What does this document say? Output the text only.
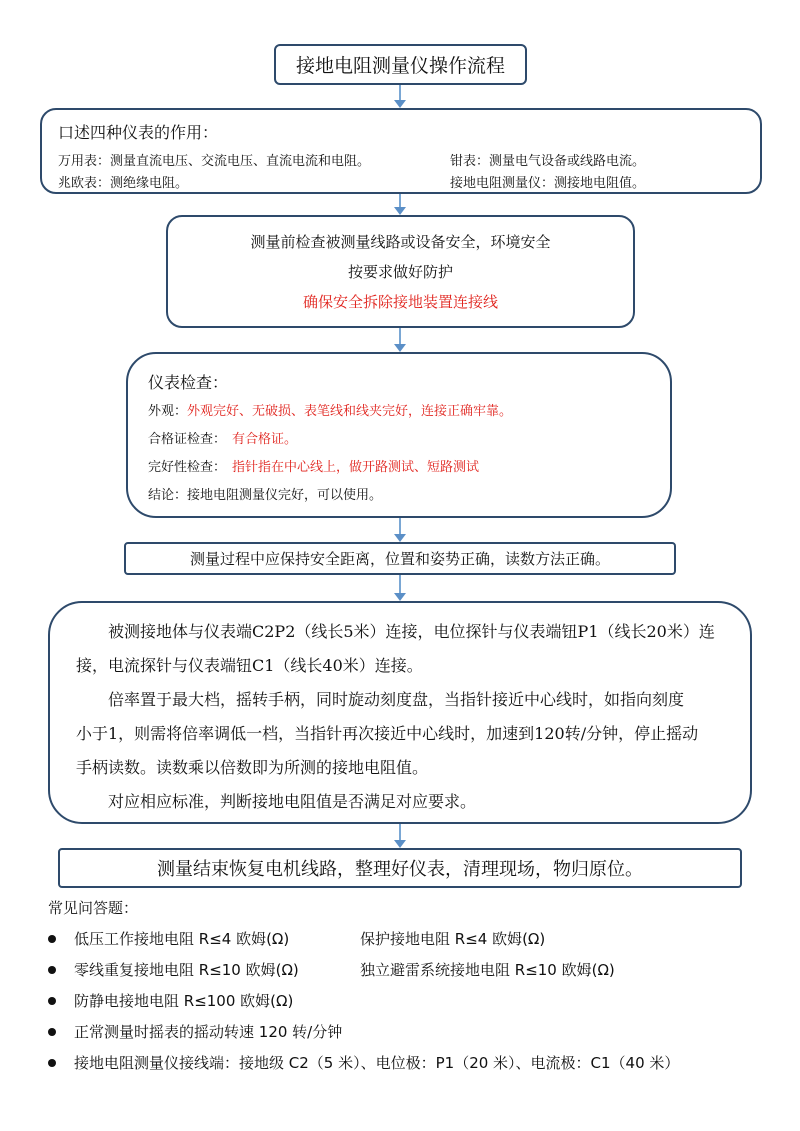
接地电阻测量仪操作流程
口述四种仪表的作用：
万用表：测量直流电压、交流电压、直流电流和电阻。	钳表：测量电气设备或线路电流。
兆欧表：测绝缘电阻。	接地电阻测量仪：测接地电阻值。
测量前检查被测量线路或设备安全，环境安全
按要求做好防护
确保安全拆除接地装置连接线
仪表检查：
外观：外观完好、无破损、表笔线和线夹完好，连接正确牢靠。
合格证检查： 有合格证。
完好性检查： 指针指在中心线上，做开路测试、短路测试
结论：接地电阻测量仪完好，可以使用。
测量过程中应保持安全距离，位置和姿势正确，读数方法正确。
被测接地体与仪表端C2P2（线长5米）连接，电位探针与仪表端钮P1（线长20米）连
接，电流探针与仪表端钮C1（线长40米）连接。
倍率置于最大档，摇转手柄，同时旋动刻度盘，当指针接近中心线时，如指向刻度
小于1，则需将倍率调低一档，当指针再次接近中心线时，加速到120转/分钟，停止摇动
手柄读数。读数乘以倍数即为所测的接地电阻值。
对应相应标准，判断接地电阻值是否满足对应要求。
测量结束恢复电机线路，整理好仪表，清理现场，物归原位。
常见问答题：
低压工作接地电阻 R≤4 欧姆(Ω)	保护接地电阻 R≤4 欧姆(Ω)
零线重复接地电阻 R≤10 欧姆(Ω)	独立避雷系统接地电阻 R≤10 欧姆(Ω)
防静电接地电阻 R≤100 欧姆(Ω)
正常测量时摇表的摇动转速 120 转/分钟
接地电阻测量仪接线端：接地级 C2（5 米）、电位极：P1（20 米）、电流极：C1（40 米）
